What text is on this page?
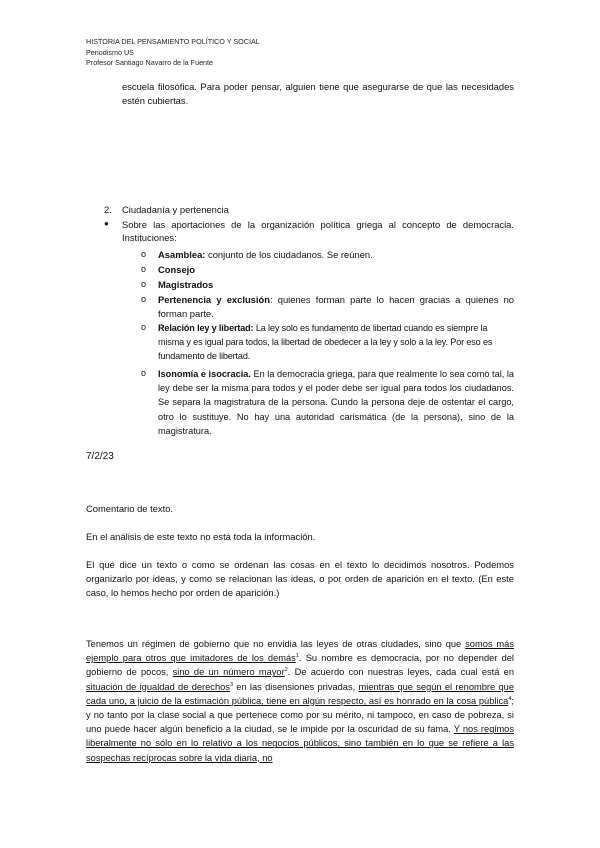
HISTORIA DEL PENSAMIENTO POLÍTICO Y SOCIAL
Periodismo US
Profesor Santiago Navarro de la Fuente
escuela filosófica. Para poder pensar, alguien tiene que asegurarse de que las necesidades estén cubiertas.
2. Ciudadanía y pertenencia
● Sobre las aportaciones de la organización política griega al concepto de democracia. Instituciones:
o Asamblea: conjunto de los ciudadanos. Se reúnen.
o Consejo
o Magistrados
o Pertenencia y exclusión: quienes forman parte lo hacen gracias a quienes no forman parte.
o Relación ley y libertad: La ley solo es fundamento de libertad cuando es siempre la misma y es igual para todos, la libertad de obedecer a la ley y solo a la ley. Por eso es fundamento de libertad.
o Isonomía e isocracia. En la democracia griega, para que realmente lo sea como tal, la ley debe ser la misma para todos y el poder debe ser igual para todos los ciudadanos. Se separa la magistratura de la persona. Cundo la persona deje de ostentar el cargo, otro lo sustituye. No hay una autoridad carismática (de la persona), sino de la magistratura.
7/2/23
Comentario de texto.
En el análisis de este texto no está toda la información.
El qué dice un texto o como se ordenan las cosas en el texto lo decidimos nosotros. Podemos organizarlo por ideas, y como se relacionan las ideas, o por orden de aparición en el texto. (En este caso, lo hemos hecho por orden de aparición.)
Tenemos un régimen de gobierno que no envidia las leyes de otras ciudades, sino que somos más ejemplo para otros que imitadores de los demás$^1$. Su nombre es democracia, por no depender del gobierno de pocos, sino de un número mayor$^2$. De acuerdo con nuestras leyes, cada cual está en situación de igualdad de derechos$^3$ en las disensiones privadas, mientras que según el renombre que cada uno, a juicio de la estimación pública, tiene en algún respecto, así es honrado en la cosa pública$^4$; y no tanto por la clase social a que pertenece como por su mérito, ni tampoco, en caso de pobreza, si uno puede hacer algún beneficio a la ciudad, se le impide por la oscuridad de su fama. Y nos regimos liberalmente no sólo en lo relativo a los negocios públicos, sino también en lo que se refiere a las sospechas recíprocas sobre la vida diaria, no
